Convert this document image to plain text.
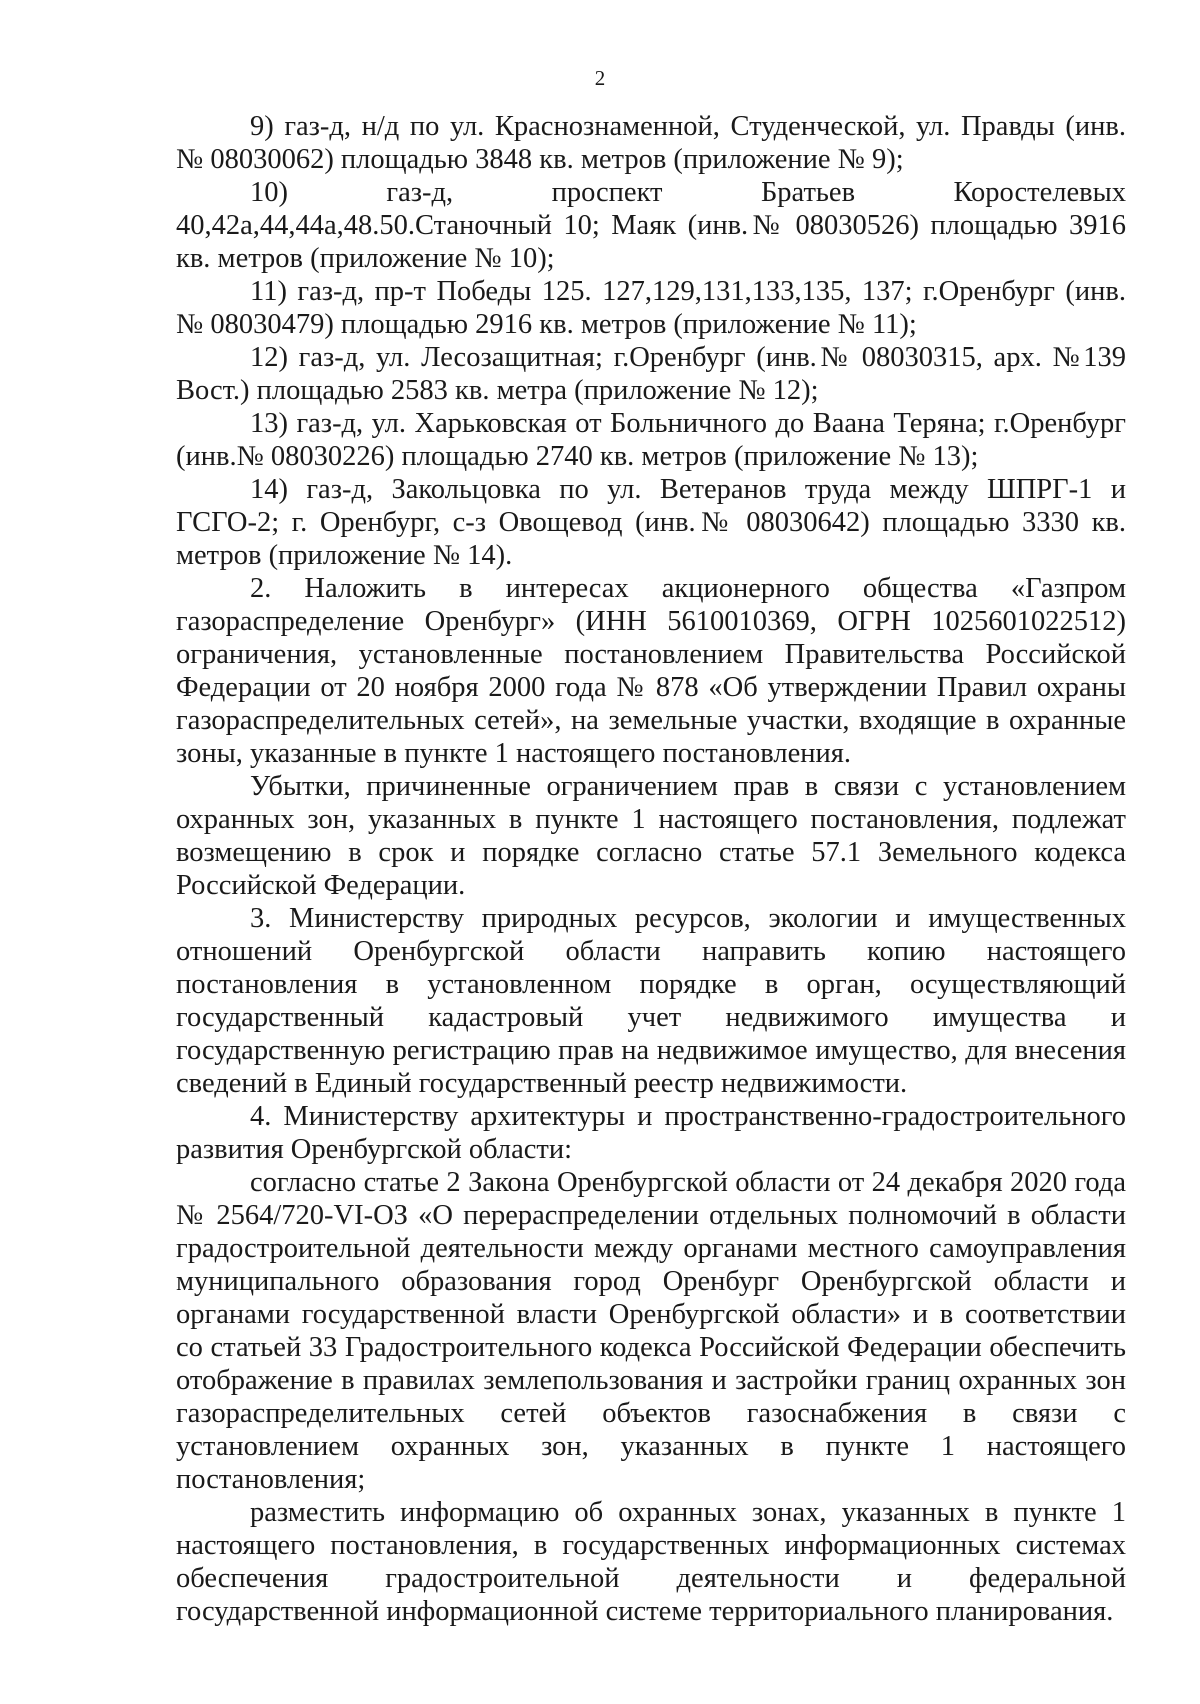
2

9) газ-д, н/д по ул. Краснознаменной, Студенческой, ул. Правды (инв. № 08030062) площадью 3848 кв. метров (приложение № 9);

10) газ-д, проспект Братьев Коростелевых 40,42а,44,44а,48.50.Станочный 10; Маяк (инв.№ 08030526) площадью 3916 кв. метров (приложение № 10);

11) газ-д, пр-т Победы 125. 127,129,131,133,135, 137; г.Оренбург (инв.№ 08030479) площадью 2916 кв. метров (приложение № 11);

12) газ-д, ул. Лесозащитная; г.Оренбург (инв.№ 08030315, арх. №139 Вост.) площадью 2583 кв. метра (приложение № 12);

13) газ-д, ул. Харьковская от Больничного до Ваана Теряна; г.Оренбург (инв.№ 08030226) площадью 2740 кв. метров (приложение № 13);

14) газ-д, Закольцовка по ул. Ветеранов труда между ШПРГ-1 и ГСГО-2; г. Оренбург, с-з Овощевод (инв.№ 08030642) площадью 3330 кв. метров (приложение № 14).

2. Наложить в интересах акционерного общества «Газпром газораспределение Оренбург» (ИНН 5610010369, ОГРН 1025601022512) ограничения, установленные постановлением Правительства Российской Федерации от 20 ноября 2000 года № 878 «Об утверждении Правил охраны газораспределительных сетей», на земельные участки, входящие в охранные зоны, указанные в пункте 1 настоящего постановления.

Убытки, причиненные ограничением прав в связи с установлением охранных зон, указанных в пункте 1 настоящего постановления, подлежат возмещению в срок и порядке согласно статье 57.1 Земельного кодекса Российской Федерации.

3. Министерству природных ресурсов, экологии и имущественных отношений Оренбургской области направить копию настоящего постановления в установленном порядке в орган, осуществляющий государственный кадастровый учет недвижимого имущества и государственную регистрацию прав на недвижимое имущество, для внесения сведений в Единый государственный реестр недвижимости.

4. Министерству архитектуры и пространственно-градостроительного развития Оренбургской области:

согласно статье 2 Закона Оренбургской области от 24 декабря 2020 года № 2564/720-VI-ОЗ «О перераспределении отдельных полномочий в области градостроительной деятельности между органами местного самоуправления муниципального образования город Оренбург Оренбургской области и органами государственной власти Оренбургской области» и в соответствии со статьей 33 Градостроительного кодекса Российской Федерации обеспечить отображение в правилах землепользования и застройки границ охранных зон газораспределительных сетей объектов газоснабжения в связи с установлением охранных зон, указанных в пункте 1 настоящего постановления;

разместить информацию об охранных зонах, указанных в пункте 1 настоящего постановления, в государственных информационных системах обеспечения градостроительной деятельности и федеральной государственной информационной системе территориального планирования.
